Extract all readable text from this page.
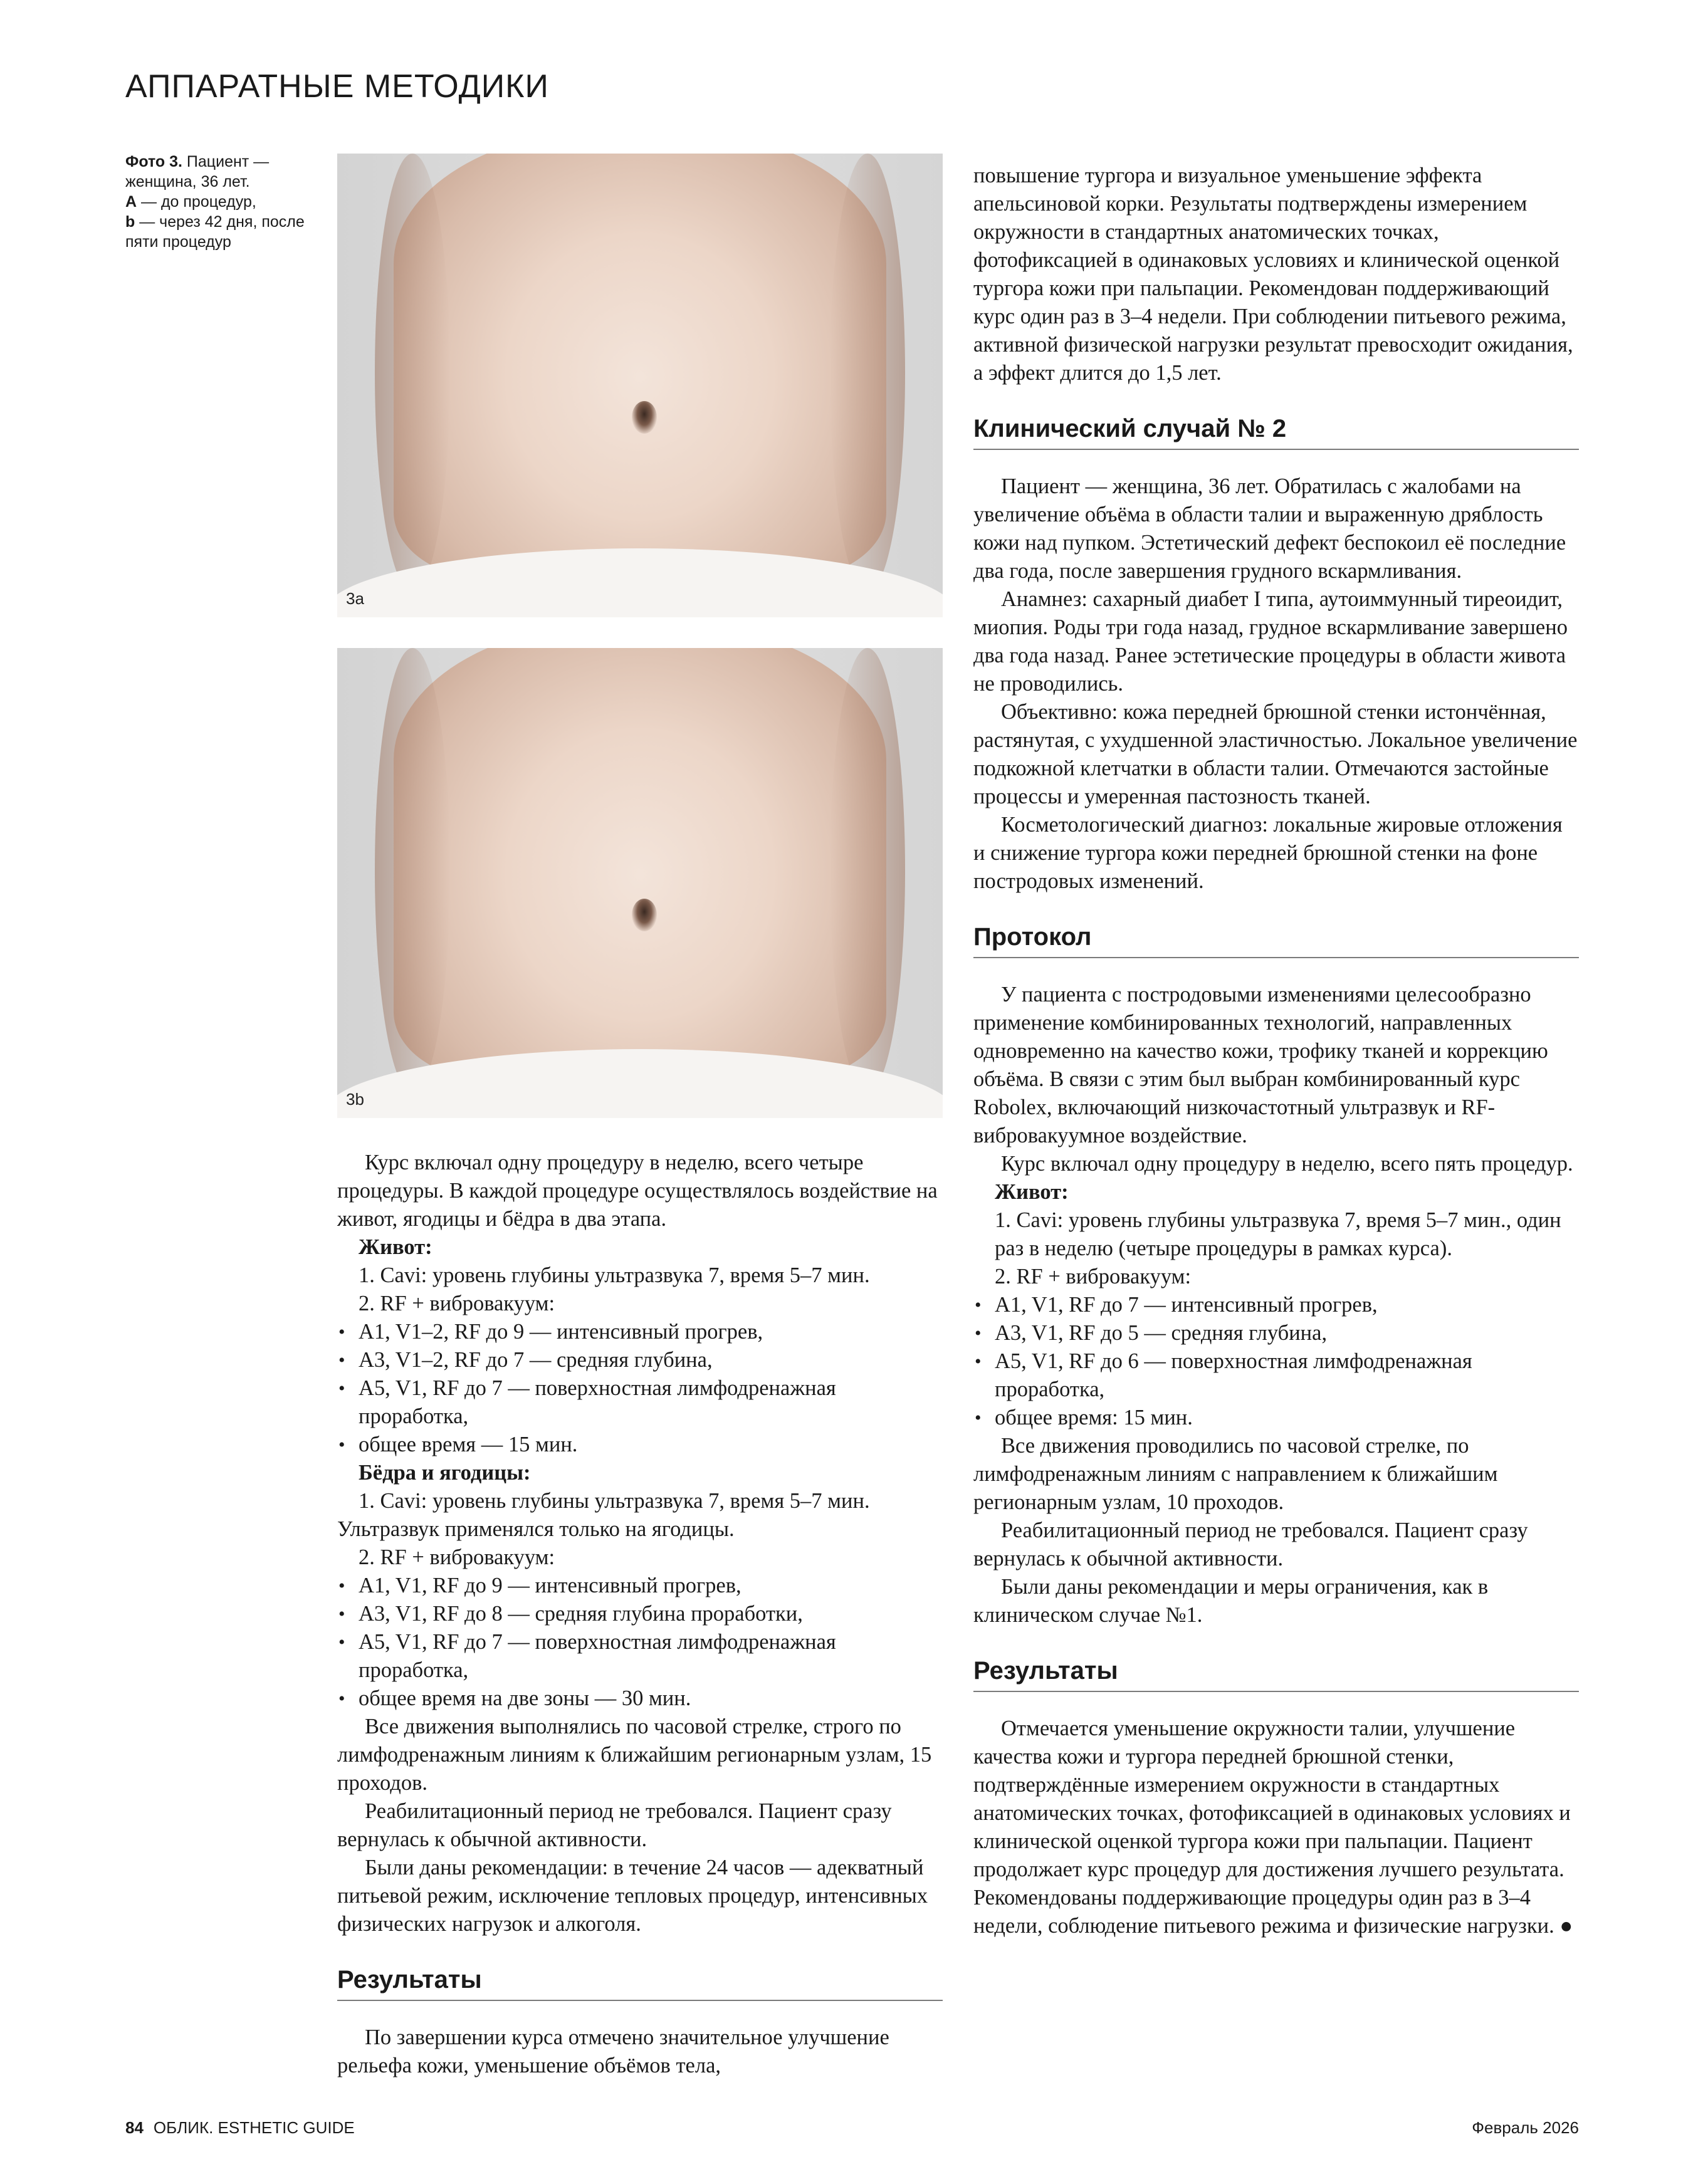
АППАРАТНЫЕ МЕТОДИКИ
Фото 3. Пациент — женщина, 36 лет.
A — до процедур,
b — через 42 дня, после пяти процедур
3a
3b

Курс включал одну процедуру в неделю, всего четыре процедуры. В каждой процедуре осуществлялось воздействие на живот, ягодицы и бёдра в два этапа.

Живот:

1. Cavi: уровень глубины ультразвука 7, время 5–7 мин.

2. RF + вибровакуум:

• A1, V1–2, RF до 9 — интенсивный прогрев,
• A3, V1–2, RF до 7 — средняя глубина,
• A5, V1, RF до 7 — поверхностная лимфодренажная проработка,
• общее время — 15 мин.

Бёдра и ягодицы:

1. Cavi: уровень глубины ультразвука 7, время 5–7 мин.

Ультразвук применялся только на ягодицы.

2. RF + вибровакуум:

• A1, V1, RF до 9 — интенсивный прогрев,
• A3, V1, RF до 8 — средняя глубина проработки,
• A5, V1, RF до 7 — поверхностная лимфодренажная проработка,
• общее время на две зоны — 30 мин.

Все движения выполнялись по часовой стрелке, строго по лимфодренажным линиям к ближайшим регионарным узлам, 15 проходов.

Реабилитационный период не требовался. Пациент сразу вернулась к обычной активности.

Были даны рекомендации: в течение 24 часов — адекватный питьевой режим, исключение тепловых процедур, интенсивных физических нагрузок и алкоголя.

Результаты

По завершении курса отмечено значительное улучшение рельефа кожи, уменьшение объёмов тела,

повышение тургора и визуальное уменьшение эффекта апельсиновой корки. Результаты подтверждены измерением окружности в стандартных анатомических точках, фотофиксацией в одинаковых условиях и клинической оценкой тургора кожи при пальпации. Рекомендован поддерживающий курс один раз в 3–4 недели. При соблюдении питьевого режима, активной физической нагрузки результат превосходит ожидания, а эффект длится до 1,5 лет.

Клинический случай № 2

Пациент — женщина, 36 лет. Обратилась с жалобами на увеличение объёма в области талии и выраженную дряблость кожи над пупком. Эстетический дефект беспокоил её последние два года, после завершения грудного вскармливания.

Анамнез: сахарный диабет I типа, аутоиммунный тиреоидит, миопия. Роды три года назад, грудное вскармливание завершено два года назад. Ранее эстетические процедуры в области живота не проводились.

Объективно: кожа передней брюшной стенки истончённая, растянутая, с ухудшенной эластичностью. Локальное увеличение подкожной клетчатки в области талии. Отмечаются застойные процессы и умеренная пастозность тканей.

Косметологический диагноз: локальные жировые отложения и снижение тургора кожи передней брюшной стенки на фоне постродовых изменений.

Протокол

У пациента с постродовыми изменениями целесообразно применение комбинированных технологий, направленных одновременно на качество кожи, трофику тканей и коррекцию объёма. В связи с этим был выбран комбинированный курс Robolex, включающий низкочастотный ультразвук и RF-вибровакуумное воздействие.

Курс включал одну процедуру в неделю, всего пять процедур.

Живот:

1. Cavi: уровень глубины ультразвука 7, время 5–7 мин., один раз в неделю (четыре процедуры в рамках курса).

2. RF + вибровакуум:

• A1, V1, RF до 7 — интенсивный прогрев,
• A3, V1, RF до 5 — средняя глубина,
• A5, V1, RF до 6 — поверхностная лимфодренажная проработка,
• общее время: 15 мин.

Все движения проводились по часовой стрелке, по лимфодренажным линиям с направлением к ближайшим регионарным узлам, 10 проходов.

Реабилитационный период не требовался. Пациент сразу вернулась к обычной активности.

Были даны рекомендации и меры ограничения, как в клиническом случае №1.

Результаты

Отмечается уменьшение окружности талии, улучшение качества кожи и тургора передней брюшной стенки, подтверждённые измерением окружности в стандартных анатомических точках, фотофиксацией в одинаковых условиях и клинической оценкой тургора кожи при пальпации. Пациент продолжает курс процедур для достижения лучшего результата. Рекомендованы поддерживающие процедуры один раз в 3–4 недели, соблюдение питьевого режима и физические нагрузки. ●

84 ОБЛИК. ESTHETIC GUIDE	Февраль 2026
